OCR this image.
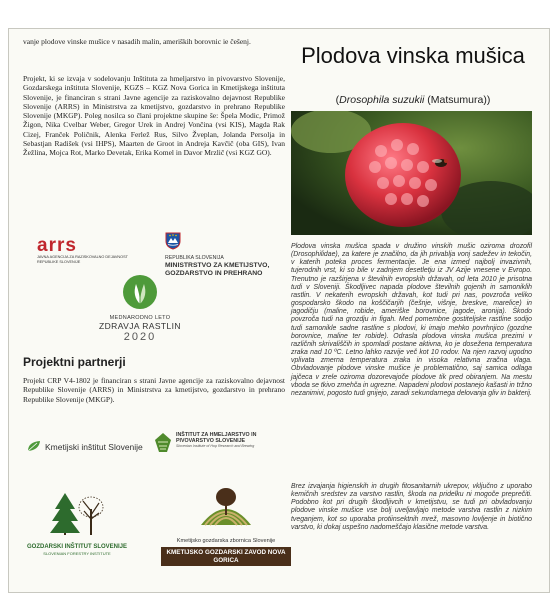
vanje plodove vinske mušice v nasadih malin, ameriških borovnic ie češenj.

Projekt, ki se izvaja v sodelovanju Inštituta za hmeljarstvo in pivovarstvo Slovenije, Gozdarskega inštituta Slovenije, KGZS – KGZ Nova Gorica in Kmetijskega inštituta Slovenije, je financiran s strani Javne agencije za raziskovalno dejavnost Republike Slovenije (ARRS) in Ministrstva za kmetijstvo, gozdarstvo in prehrano Republike Slovenije (MKGP). Poleg nosilca so člani projektne skupine še: Špela Modic, Primož Žigon, Nika Cvelbar Weber, Gregor Urek in Andrej Vončina (vsi KIS), Magda Rak Cizej, Franček Poličnik, Alenka Ferlež Rus, Silvo Žveplan, Jolanda Persolja in Sebastjan Radišek (vsi IHPS), Maarten de Groot in Andreja Kavčič (oba GIS), Ivan Žežlina, Mojca Rot, Marko Devetak, Erika Komel in Davor Mrzlič (vsi KGZ GO).

arrs
JAVNA AGENCIJA ZA RAZISKOVALNO DEJAVNOST
REPUBLIKE SLOVENIJE
REPUBLIKA SLOVENIJA
MINISTRSTVO ZA KMETIJSTVO, GOZDARSTVO IN PREHRANO
MEDNARODNO LETO
ZDRAVJA RASTLIN
2020
Projektni partnerji

Projekt CRP V4-1802 je financiran s strani Javne agencije za raziskovalno dejavnost Republike Slovenije (ARRS) in Ministrstva za kmetijstvo, gozdarstvo in prehrano Republike Slovenije (MKGP).

Kmetijski inštitut Slovenije
INŠTITUT ZA HMELJARSTVO IN PIVOVARSTVO SLOVENIJE
Slovenian Institute of Hop Research and Brewing
GOZDARSKI INŠTITUT SLOVENIJE
SLOVENIAN FORESTRY INSTITUTE
Kmetijsko gozdarska zbornica Slovenije
KMETIJSKO GOZDARSKI ZAVOD NOVA GORICA
Plodova vinska mušica
(Drosophila suzukii (Matsumura))

Plodova vinska mušica spada v družino vinskih mušic oziroma drozofil (Drosophilidae), za katere je značilno, da jih privablja vonj sadežev in tekočin, v katerih poteka proces fermentacije. Je ena izmed najbolj invazivnih, tujerodnih vrst, ki so bile v zadnjem desetletju iz JV Azije vnesene v Evropo. Trenutno je razširjena v številnih evropskih državah, od leta 2010 je prisotna tudi v Sloveniji. Škodljivec napada plodove številnih gojenih in samoniklih rastlin. V nekaterih evropskih državah, kot tudi pri nas, povzroča veliko gospodarsko škodo na koščičarjih (češnje, višnje, breskve, marelice) in jagodičju (maline, robide, ameriške borovnice, jagode, aronija). Škodo povzroča tudi na grozdju in figah. Med pomembne gostiteljske rastline sodijo tudi samonikle sadne rastline s plodovi, ki imajo mehko povrhnjico (gozdne borovnice, maline ter robide). Odrasla plodova vinska mušica prezimi v različnih skrivališčih in spomladi postane aktivna, ko je dosežena temperatura zraka nad 10 ºC. Letno lahko razvije več kot 10 rodov. Na njen razvoj ugodno vplivata zmerna temperatura zraka in visoka relativna zračna vlaga. Obvladovanje plodove vinske mušice je problematično, saj samica odlaga jajčeca v zrele oziroma dozorevajoče plodove tik pred obiranjem. Na mestu vboda se tkivo zmehča in ugrezne. Napadeni plodovi postanejo kašasti in tržno nezanimivi, pogosto tudi gnijejo, zaradi sekundarnega delovanja gliv in bakterij.

Brez izvajanja higienskih in drugih fitosanitarnih ukrepov, vključno z uporabo kemičnih sredstev za varstvo rastlin, škoda na pridelku ni mogoče preprečiti. Podobno kot pri drugih škodljivcih v kmetijstvu, se tudi pri obvladovanju plodove vinske mušice vse bolj uveljavljajo metode varstva rastlin z nizkim tveganjem, kot so uporaba protiinsektnih mrež, masovno lovljenje in biotično varstvo, ki dokaj uspešno nadomeščajo klasične metode varstva.
